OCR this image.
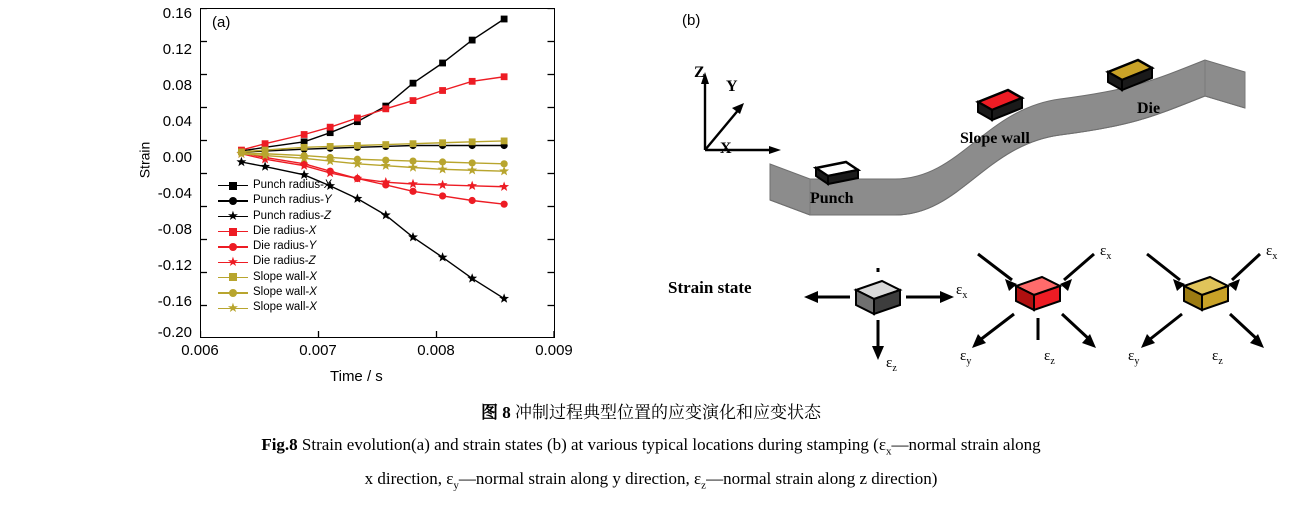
(a)
Strain
Time / s
0.16
0.12
0.08
0.04
0.00
-0.04
-0.08
-0.12
-0.16
-0.20
0.006	0.007	0.008	0.009
Punch radius-X
Punch radius-Y
★ Punch radius-Z
Die radius-X
Die radius-Y
★ Die radius-Z
Slope wall-X
Slope wall-X
★ Slope wall-X
(b)
Z
Y
X
Punch
Slope wall
Die
Strain state	$\varepsilon_x$
$\varepsilon_z$
$\varepsilon_x$
$\varepsilon_y$	$\varepsilon_z$
$\varepsilon_x$
$\varepsilon_y$	$\varepsilon_z$
图 8 冲制过程典型位置的应变演化和应变状态
Fig.8 Strain evolution(a) and strain states (b) at various typical locations during stamping ($\varepsilon_x—normal$ strain along
x direction, $\varepsilon_y—normal$ strain along y direction, $\varepsilon_z—normal$ strain along z direction)
